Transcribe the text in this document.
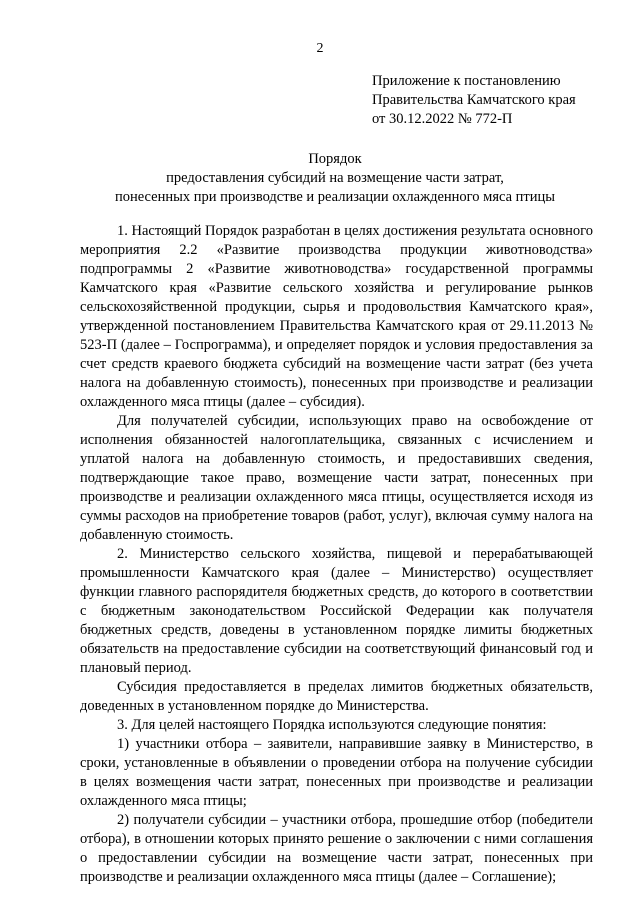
2
Приложение к постановлению
Правительства Камчатского края
от 30.12.2022 № 772-П
Порядок
предоставления субсидий на возмещение части затрат,
понесенных при производстве и реализации охлажденного мяса птицы

1. Настоящий Порядок разработан в целях достижения результата основного мероприятия 2.2 «Развитие производства продукции животноводства» подпрограммы 2 «Развитие животноводства» государственной программы Камчатского края «Развитие сельского хозяйства и регулирование рынков сельскохозяйственной продукции, сырья и продовольствия Камчатского края», утвержденной постановлением Правительства Камчатского края от 29.11.2013 № 523-П (далее – Госпрограмма), и определяет порядок и условия предоставления за счет средств краевого бюджета субсидий на возмещение части затрат (без учета налога на добавленную стоимость), понесенных при производстве и реализации охлажденного мяса птицы (далее – субсидия).

Для получателей субсидии, использующих право на освобождение от исполнения обязанностей налогоплательщика, связанных с исчислением и уплатой налога на добавленную стоимость, и предоставивших сведения, подтверждающие такое право, возмещение части затрат, понесенных при производстве и реализации охлажденного мяса птицы, осуществляется исходя из суммы расходов на приобретение товаров (работ, услуг), включая сумму налога на добавленную стоимость.

2. Министерство сельского хозяйства, пищевой и перерабатывающей промышленности Камчатского края (далее – Министерство) осуществляет функции главного распорядителя бюджетных средств, до которого в соответствии с бюджетным законодательством Российской Федерации как получателя бюджетных средств, доведены в установленном порядке лимиты бюджетных обязательств на предоставление субсидии на соответствующий финансовый год и плановый период.

Субсидия предоставляется в пределах лимитов бюджетных обязательств, доведенных в установленном порядке до Министерства.

3. Для целей настоящего Порядка используются следующие понятия:

1) участники отбора – заявители, направившие заявку в Министерство, в сроки, установленные в объявлении о проведении отбора на получение субсидии в целях возмещения части затрат, понесенных при производстве и реализации охлажденного мяса птицы;

2) получатели субсидии – участники отбора, прошедшие отбор (победители отбора), в отношении которых принято решение о заключении с ними соглашения о предоставлении субсидии на возмещение части затрат, понесенных при производстве и реализации охлажденного мяса птицы (далее – Соглашение);
